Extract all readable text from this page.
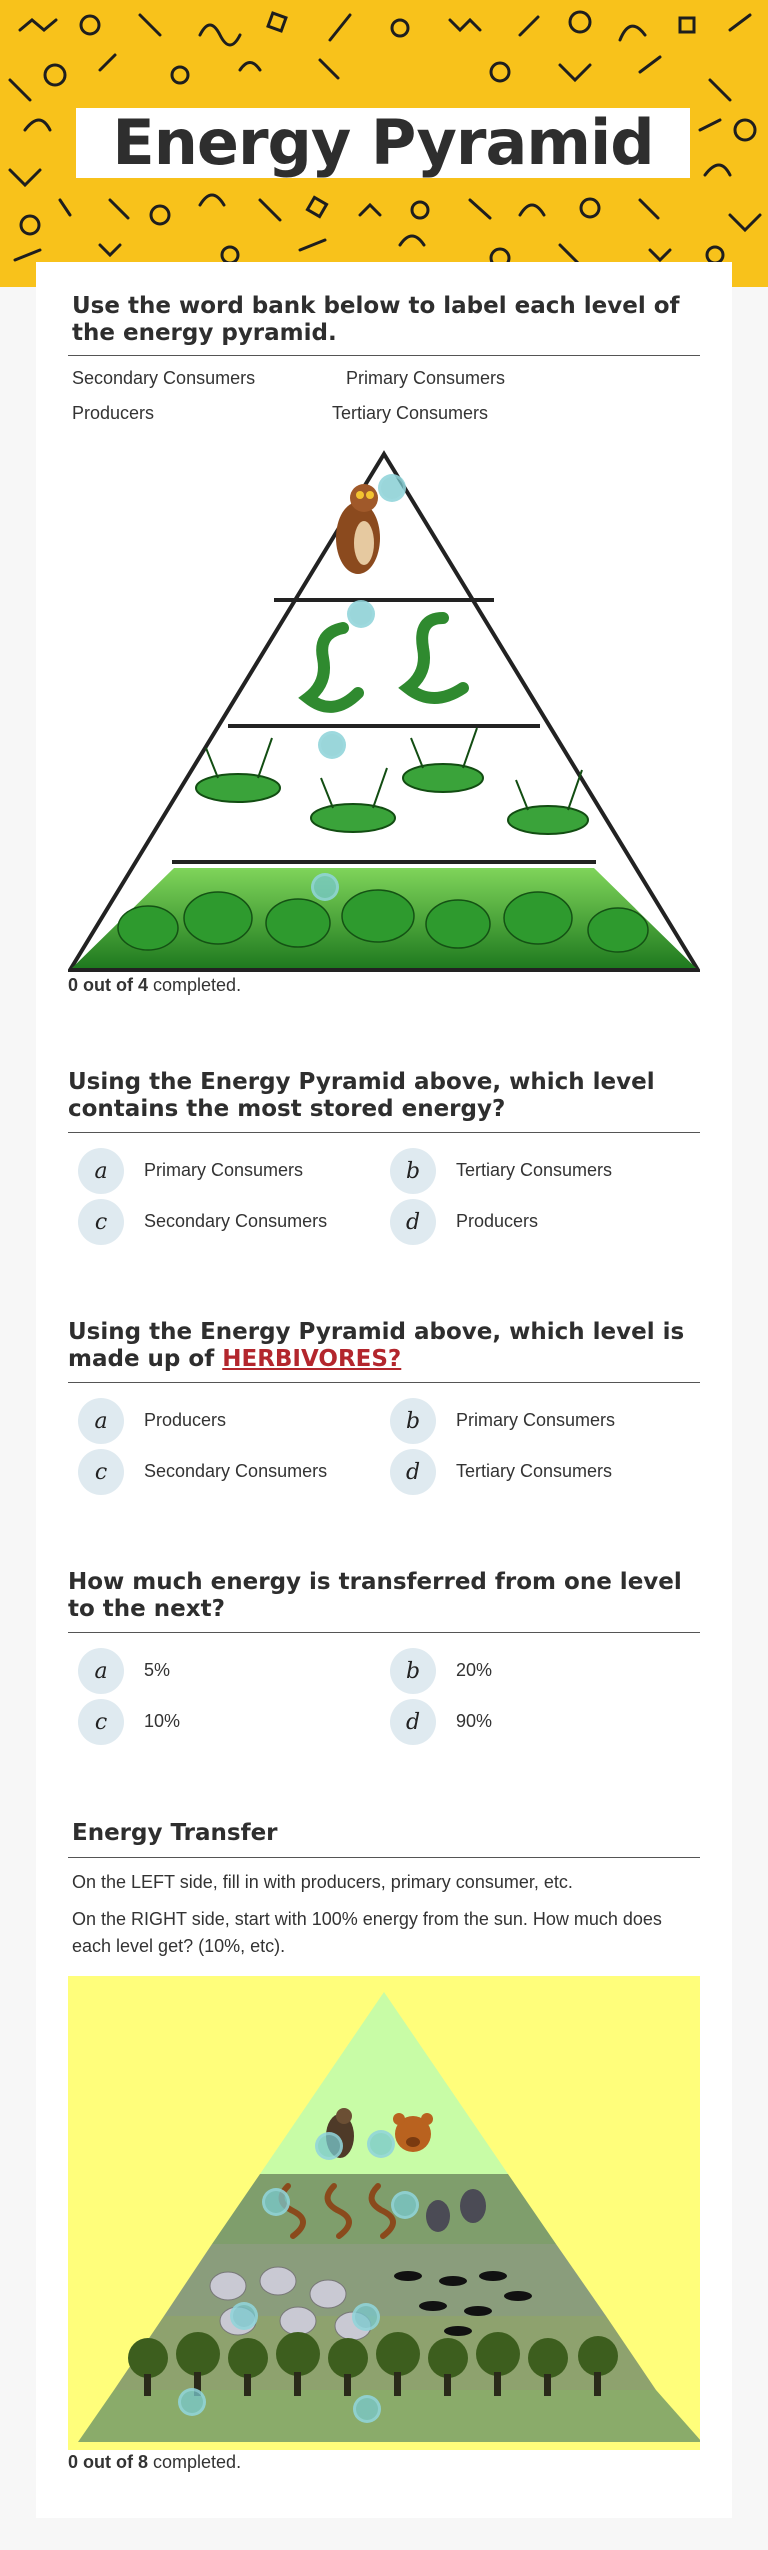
Energy Pyramid
Use the word bank below to label each level of the energy pyramid.
Secondary Consumers	Primary Consumers
Producers	Tertiary Consumers
0 out of 4 completed.
Using the Energy Pyramid above, which level contains the most stored energy?
a	Primary Consumers	b	Tertiary Consumers
c	Secondary Consumers	d	Producers
Using the Energy Pyramid above, which level is made up of HERBIVORES?
a	Producers	b	Primary Consumers
c	Secondary Consumers	d	Tertiary Consumers
How much energy is transferred from one level to the next?
a	5%	b	20%
c	10%	d	90%
Energy Transfer
On the LEFT side, fill in with producers, primary consumer, etc.
On the RIGHT side, start with 100% energy from the sun. How much does each level get? (10%, etc).
0 out of 8 completed.
